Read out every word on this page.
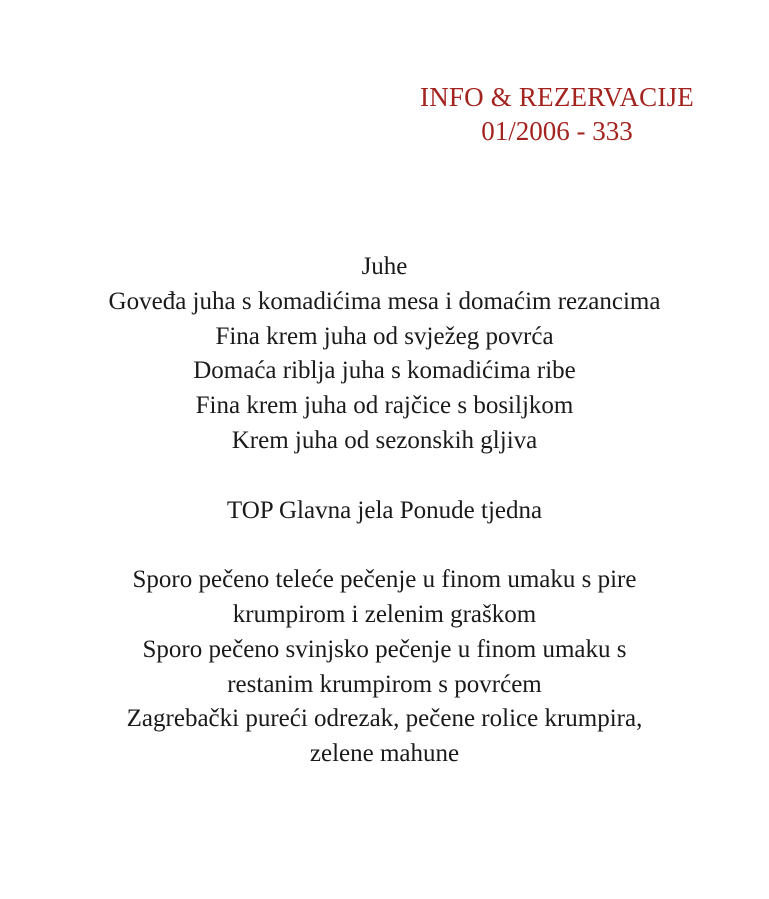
INFO & REZERVACIJE
01/2006 - 333
Juhe
Goveđa juha s komadićima mesa i domaćim rezancima
Fina krem juha od svježeg povrća
Domaća riblja juha s komadićima ribe
Fina krem juha od rajčice s bosiljkom
Krem juha od sezonskih gljiva
TOP Glavna jela Ponude tjedna
Sporo pečeno teleće pečenje u finom umaku s pire
krumpirom i zelenim graškom
Sporo pečeno svinjsko pečenje u finom umaku s
restanim krumpirom s povrćem
Zagrebački pureći odrezak, pečene rolice krumpira,
zelene mahune
